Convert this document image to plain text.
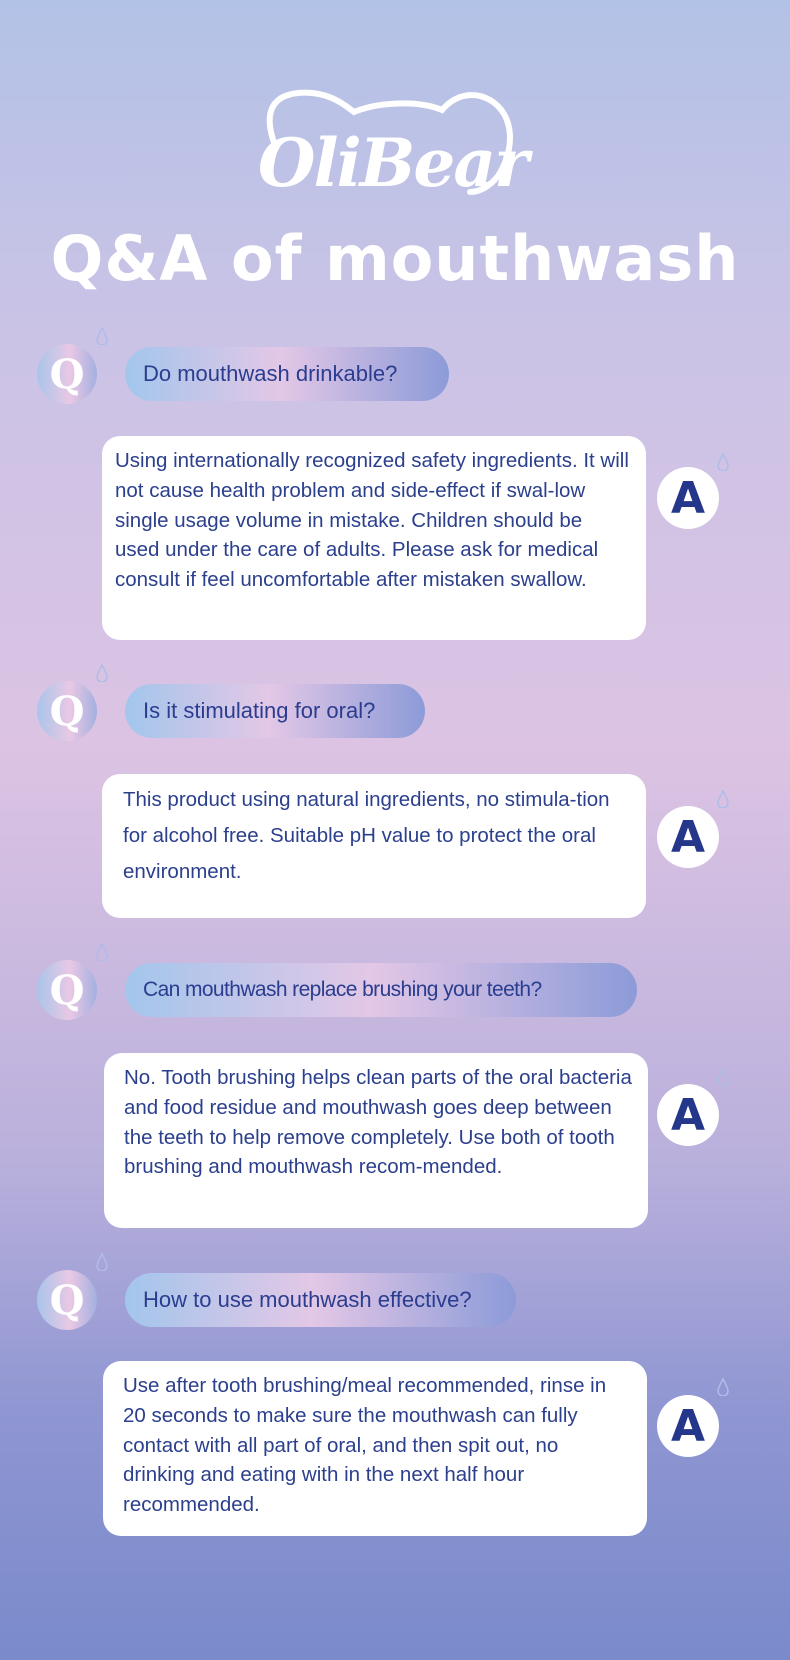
OliBear
Q&A of mouthwash
Q	Do mouthwash drinkable?
Using internationally recognized safety ingredients. It will not cause health problem and side-effect if swal-low single usage volume in mistake. Children should be used under the care of adults. Please ask for medical consult if feel uncomfortable after mistaken swallow.
A
Q	Is it stimulating for oral?
This product using natural ingredients, no stimula-tion for alcohol free. Suitable pH value to protect the oral environment.
A
Q	Can mouthwash replace brushing your teeth?
No. Tooth brushing helps clean parts of the oral bacteria and food residue and mouthwash goes deep between the teeth to help remove completely. Use both of tooth brushing and mouthwash recom-mended.
A
Q	How to use mouthwash effective?
Use after tooth brushing/meal recommended, rinse in 20 seconds to make sure the mouthwash can fully contact with all part of oral, and then spit out, no drinking and eating with in the next half hour recommended.
A
